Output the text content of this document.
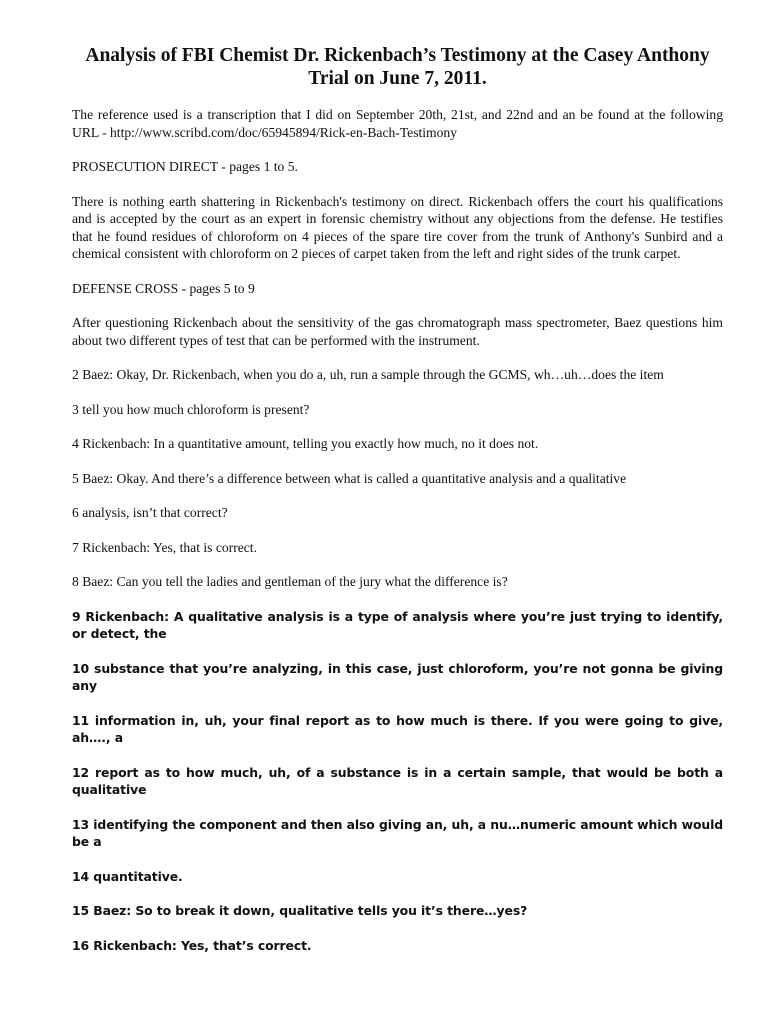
Analysis of FBI Chemist Dr. Rickenbach’s Testimony at the Casey Anthony Trial on June 7, 2011.

The reference used is a transcription that I did on September 20th, 21st, and 22nd and an be found at the following URL - http://www.scribd.com/doc/65945894/Rick-en-Bach-Testimony

PROSECUTION DIRECT - pages 1 to 5.

There is nothing earth shattering in Rickenbach's testimony on direct. Rickenbach offers the court his qualifications and is accepted by the court as an expert in forensic chemistry without any objections from the defense. He testifies that he found residues of chloroform on 4 pieces of the spare tire cover from the trunk of Anthony's Sunbird and a chemical consistent with chloroform on 2 pieces of carpet taken from the left and right sides of the trunk carpet.

DEFENSE CROSS - pages 5 to 9

After questioning Rickenbach about the sensitivity of the gas chromatograph mass spectrometer, Baez questions him about two different types of test that can be performed with the instrument.

2 Baez: Okay, Dr. Rickenbach, when you do a, uh, run a sample through the GCMS, wh…uh…does the item

3 tell you how much chloroform is present?

4 Rickenbach: In a quantitative amount, telling you exactly how much, no it does not.

5 Baez: Okay. And there’s a difference between what is called a quantitative analysis and a qualitative

6 analysis, isn’t that correct?

7 Rickenbach: Yes, that is correct.

8 Baez: Can you tell the ladies and gentleman of the jury what the difference is?

9 Rickenbach: A qualitative analysis is a type of analysis where you’re just trying to identify, or detect, the

10 substance that you’re analyzing, in this case, just chloroform, you’re not gonna be giving any

11 information in, uh, your final report as to how much is there. If you were going to give, ah…., a

12 report as to how much, uh, of a substance is in a certain sample, that would be both a qualitative

13 identifying the component and then also giving an, uh, a nu…numeric amount which would be a

14 quantitative.

15 Baez: So to break it down, qualitative tells you it’s there…yes?

16 Rickenbach: Yes, that’s correct.
